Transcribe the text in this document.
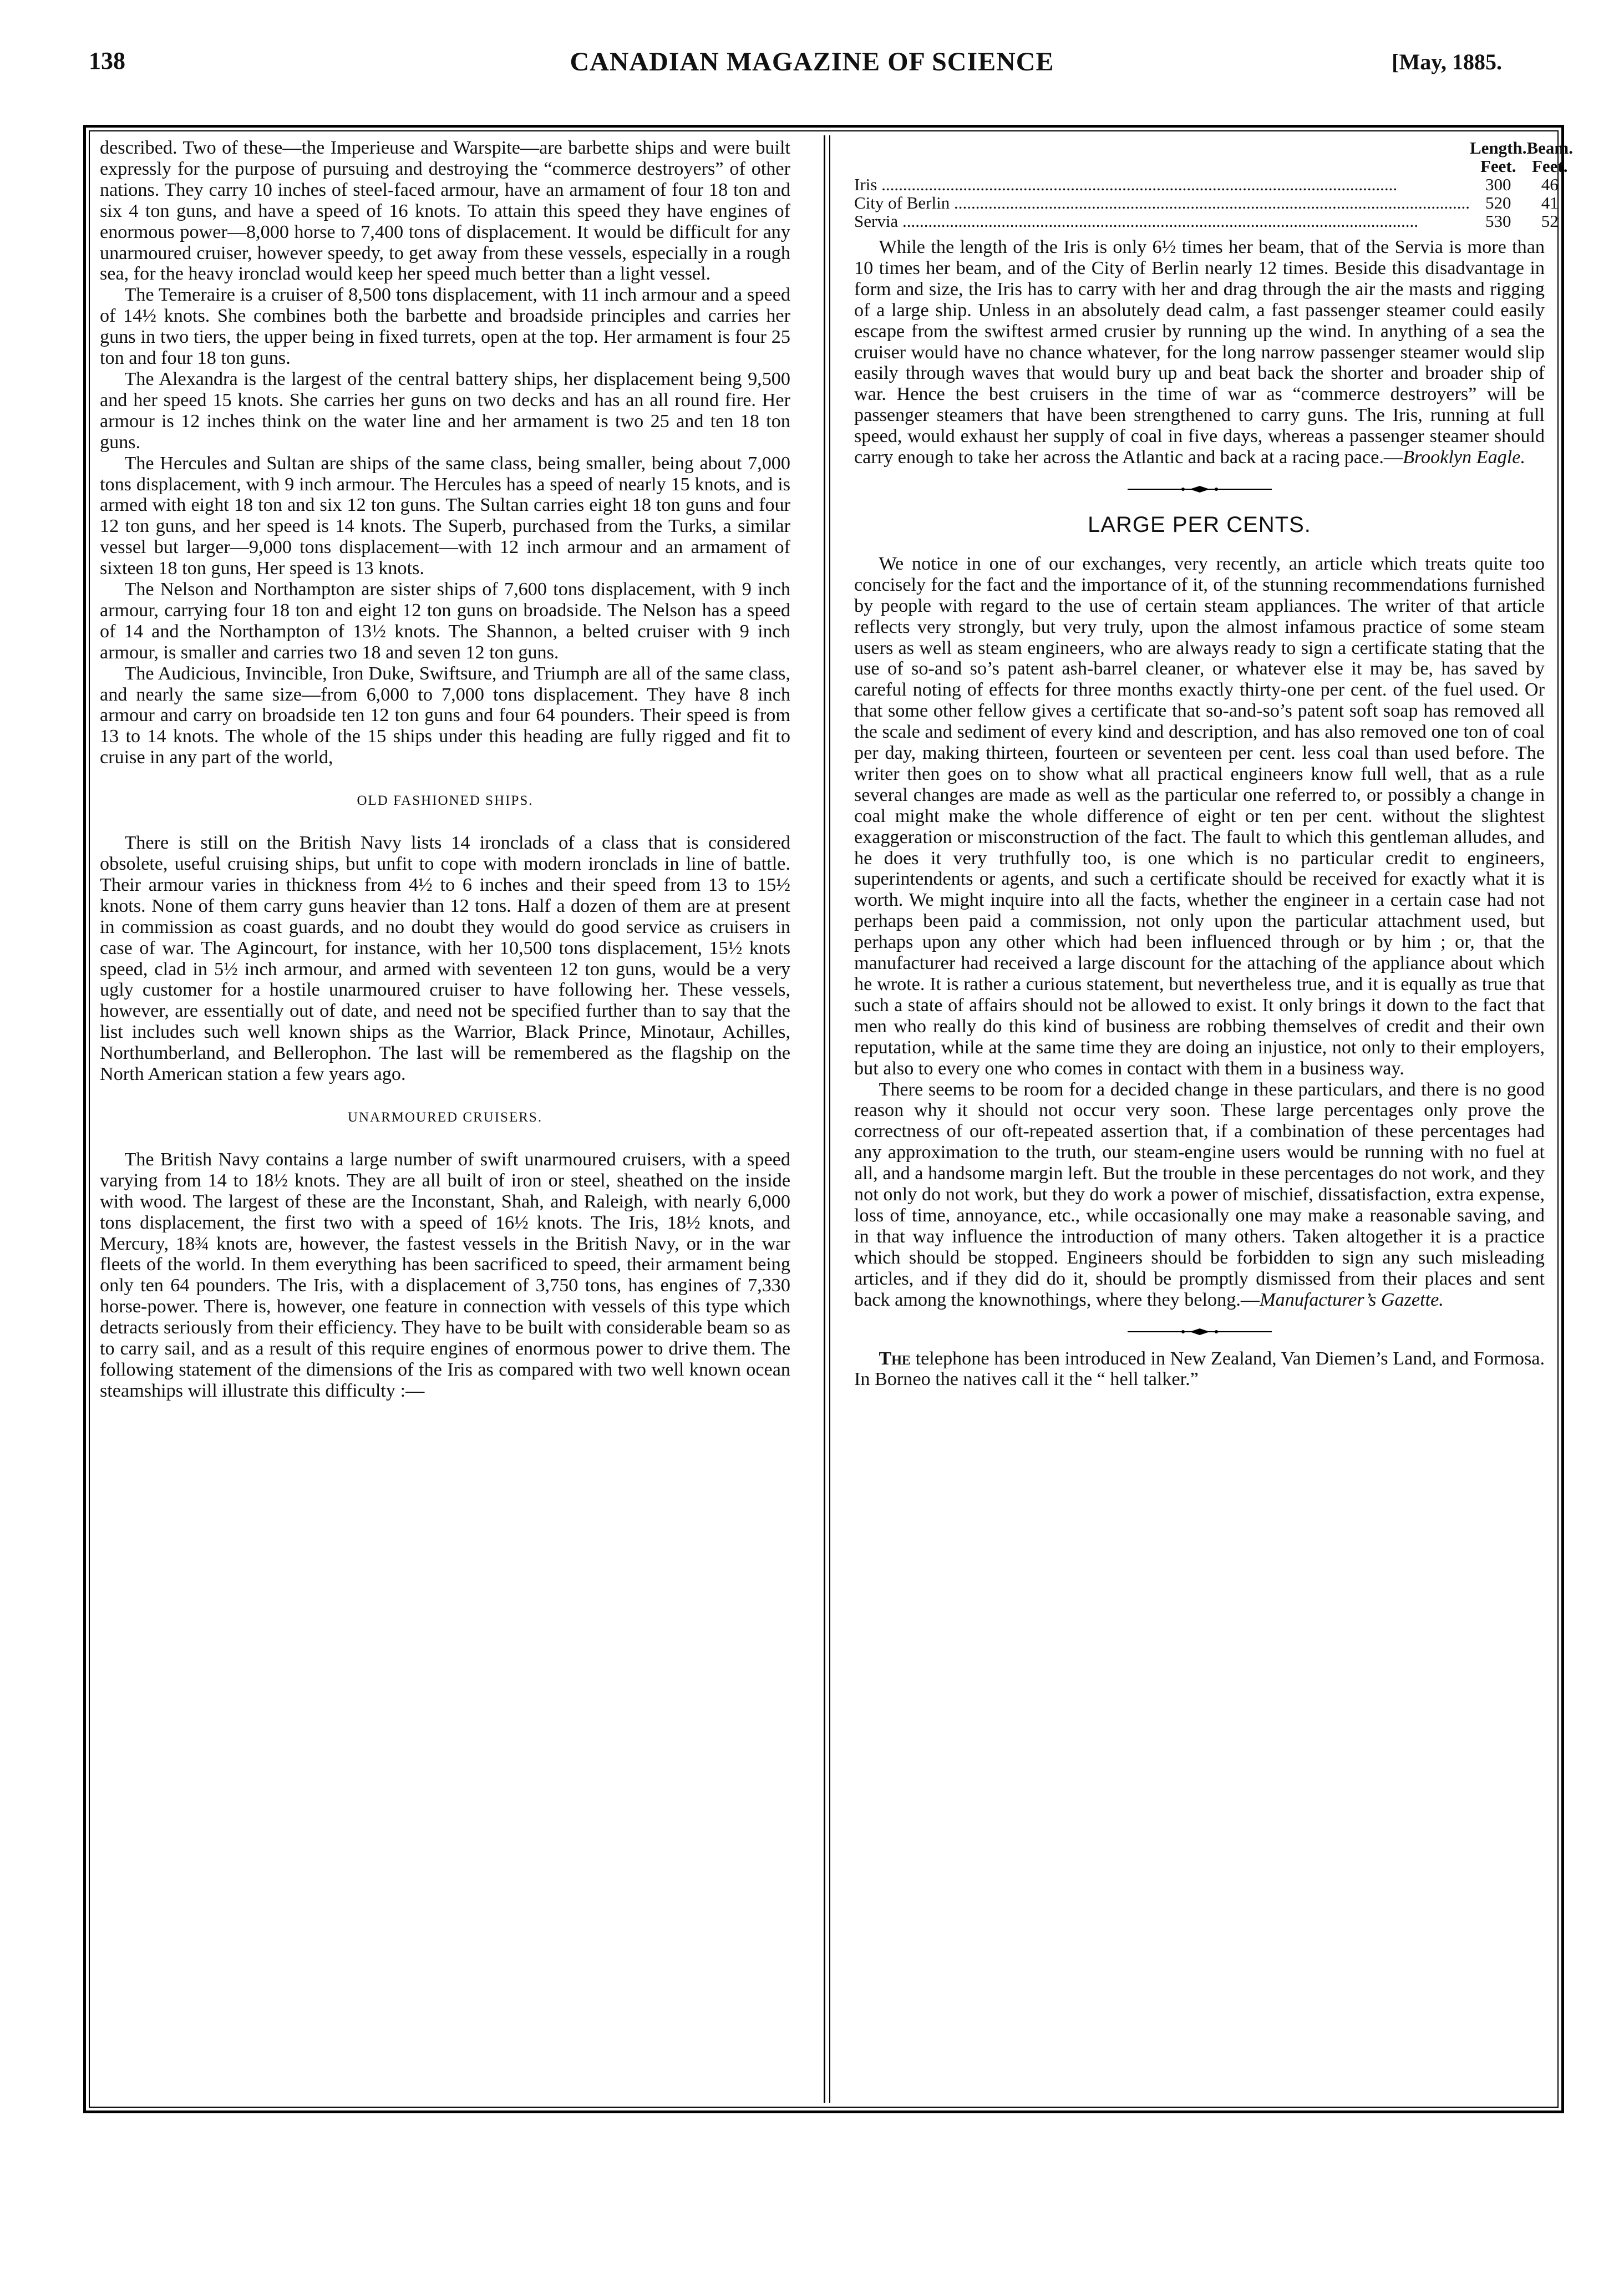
138	CANADIAN MAGAZINE OF SCIENCE	[May, 1885.

described. Two of these—the Imperieuse and Warspite—are barbette ships and were built expressly for the purpose of pursuing and destroying the “commerce destroyers” of other nations. They carry 10 inches of steel-faced armour, have an armament of four 18 ton and six 4 ton guns, and have a speed of 16 knots. To attain this speed they have engines of enormous power—8,000 horse to 7,400 tons of displacement. It would be difficult for any unarmoured cruiser, however speedy, to get away from these vessels, especially in a rough sea, for the heavy ironclad would keep her speed much better than a light vessel.

The Temeraire is a cruiser of 8,500 tons displacement, with 11 inch armour and a speed of 14½ knots. She combines both the barbette and broadside principles and carries her guns in two tiers, the upper being in fixed turrets, open at the top. Her armament is four 25 ton and four 18 ton guns.

The Alexandra is the largest of the central battery ships, her displacement being 9,500 and her speed 15 knots. She carries her guns on two decks and has an all round fire. Her armour is 12 inches think on the water line and her armament is two 25 and ten 18 ton guns.

The Hercules and Sultan are ships of the same class, being smaller, being about 7,000 tons displacement, with 9 inch armour. The Hercules has a speed of nearly 15 knots, and is armed with eight 18 ton and six 12 ton guns. The Sultan carries eight 18 ton guns and four 12 ton guns, and her speed is 14 knots. The Superb, purchased from the Turks, a similar vessel but larger—9,000 tons displacement—with 12 inch armour and an armament of sixteen 18 ton guns, Her speed is 13 knots.

The Nelson and Northampton are sister ships of 7,600 tons displacement, with 9 inch armour, carrying four 18 ton and eight 12 ton guns on broadside. The Nelson has a speed of 14 and the Northampton of 13½ knots. The Shannon, a belted cruiser with 9 inch armour, is smaller and carries two 18 and seven 12 ton guns.

The Audicious, Invincible, Iron Duke, Swiftsure, and Triumph are all of the same class, and nearly the same size—from 6,000 to 7,000 tons displacement. They have 8 inch armour and carry on broadside ten 12 ton guns and four 64 pounders. Their speed is from 13 to 14 knots. The whole of the 15 ships under this heading are fully rigged and fit to cruise in any part of the world,

OLD FASHIONED SHIPS.

There is still on the British Navy lists 14 ironclads of a class that is considered obsolete, useful cruising ships, but unfit to cope with modern ironclads in line of battle. Their armour varies in thickness from 4½ to 6 inches and their speed from 13 to 15½ knots. None of them carry guns heavier than 12 tons. Half a dozen of them are at present in commission as coast guards, and no doubt they would do good service as cruisers in case of war. The Agincourt, for instance, with her 10,500 tons displacement, 15½ knots speed, clad in 5½ inch armour, and armed with seventeen 12 ton guns, would be a very ugly customer for a hostile unarmoured cruiser to have following her. These vessels, however, are essentially out of date, and need not be specified further than to say that the list includes such well known ships as the Warrior, Black Prince, Minotaur, Achilles, Northumberland, and Bellerophon. The last will be remembered as the flagship on the North American station a few years ago.

UNARMOURED CRUISERS.

The British Navy contains a large number of swift unarmoured cruisers, with a speed varying from 14 to 18½ knots. They are all built of iron or steel, sheathed on the inside with wood. The largest of these are the Inconstant, Shah, and Raleigh, with nearly 6,000 tons displacement, the first two with a speed of 16½ knots. The Iris, 18½ knots, and Mercury, 18¾ knots are, however, the fastest vessels in the British Navy, or in the war fleets of the world. In them everything has been sacrificed to speed, their armament being only ten 64 pounders. The Iris, with a displacement of 3,750 tons, has engines of 7,330 horse-power. There is, however, one feature in connection with vessels of this type which detracts seriously from their efficiency. They have to be built with considerable beam so as to carry sail, and as a result of this require engines of enormous power to drive them. The following statement of the dimensions of the Iris as compared with two well known ocean steamships will illustrate this difficulty :—

	Length.	Beam.
	Feet.	Feet.
Iris ........................................................................................................................	300	46
City of Berlin ........................................................................................................................	520	41
Servia ........................................................................................................................	530	52

While the length of the Iris is only 6½ times her beam, that of the Servia is more than 10 times her beam, and of the City of Berlin nearly 12 times. Beside this disadvantage in form and size, the Iris has to carry with her and drag through the air the masts and rigging of a large ship. Unless in an absolutely dead calm, a fast passenger steamer could easily escape from the swiftest armed crusier by running up the wind. In anything of a sea the cruiser would have no chance whatever, for the long narrow passenger steamer would slip easily through waves that would bury up and beat back the shorter and broader ship of war. Hence the best cruisers in the time of war as “commerce destroyers” will be passenger steamers that have been strengthened to carry guns. The Iris, running at full speed, would exhaust her supply of coal in five days, whereas a passenger steamer should carry enough to take her across the Atlantic and back at a racing pace.—Brooklyn Eagle.

LARGE PER CENTS.

We notice in one of our exchanges, very recently, an article which treats quite too concisely for the fact and the importance of it, of the stunning recommendations furnished by people with regard to the use of certain steam appliances. The writer of that article reflects very strongly, but very truly, upon the almost infamous practice of some steam users as well as steam engineers, who are always ready to sign a certificate stating that the use of so-and so’s patent ash-barrel cleaner, or whatever else it may be, has saved by careful noting of effects for three months exactly thirty-one per cent. of the fuel used. Or that some other fellow gives a certificate that so-and-so’s patent soft soap has removed all the scale and sediment of every kind and description, and has also removed one ton of coal per day, making thirteen, fourteen or seventeen per cent. less coal than used before. The writer then goes on to show what all practical engineers know full well, that as a rule several changes are made as well as the particular one referred to, or possibly a change in coal might make the whole difference of eight or ten per cent. without the slightest exaggeration or misconstruction of the fact. The fault to which this gentleman alludes, and he does it very truthfully too, is one which is no particular credit to engineers, superintendents or agents, and such a certificate should be received for exactly what it is worth. We might inquire into all the facts, whether the engineer in a certain case had not perhaps been paid a commission, not only upon the particular attachment used, but perhaps upon any other which had been influenced through or by him ; or, that the manufacturer had received a large discount for the attaching of the appliance about which he wrote. It is rather a curious statement, but nevertheless true, and it is equally as true that such a state of affairs should not be allowed to exist. It only brings it down to the fact that men who really do this kind of business are robbing themselves of credit and their own reputation, while at the same time they are doing an injustice, not only to their employers, but also to every one who comes in contact with them in a business way.

There seems to be room for a decided change in these particulars, and there is no good reason why it should not occur very soon. These large percentages only prove the correctness of our oft-repeated assertion that, if a combination of these percentages had any approximation to the truth, our steam-engine users would be running with no fuel at all, and a handsome margin left. But the trouble in these percentages do not work, and they not only do not work, but they do work a power of mischief, dissatisfaction, extra expense, loss of time, annoyance, etc., while occasionally one may make a reasonable saving, and in that way influence the introduction of many others. Taken altogether it is a practice which should be stopped. Engineers should be forbidden to sign any such misleading articles, and if they did do it, should be promptly dismissed from their places and sent back among the knownothings, where they belong.—Manufacturer’s Gazette.

The telephone has been introduced in New Zealand, Van Diemen’s Land, and Formosa. In Borneo the natives call it the “ hell talker.”
